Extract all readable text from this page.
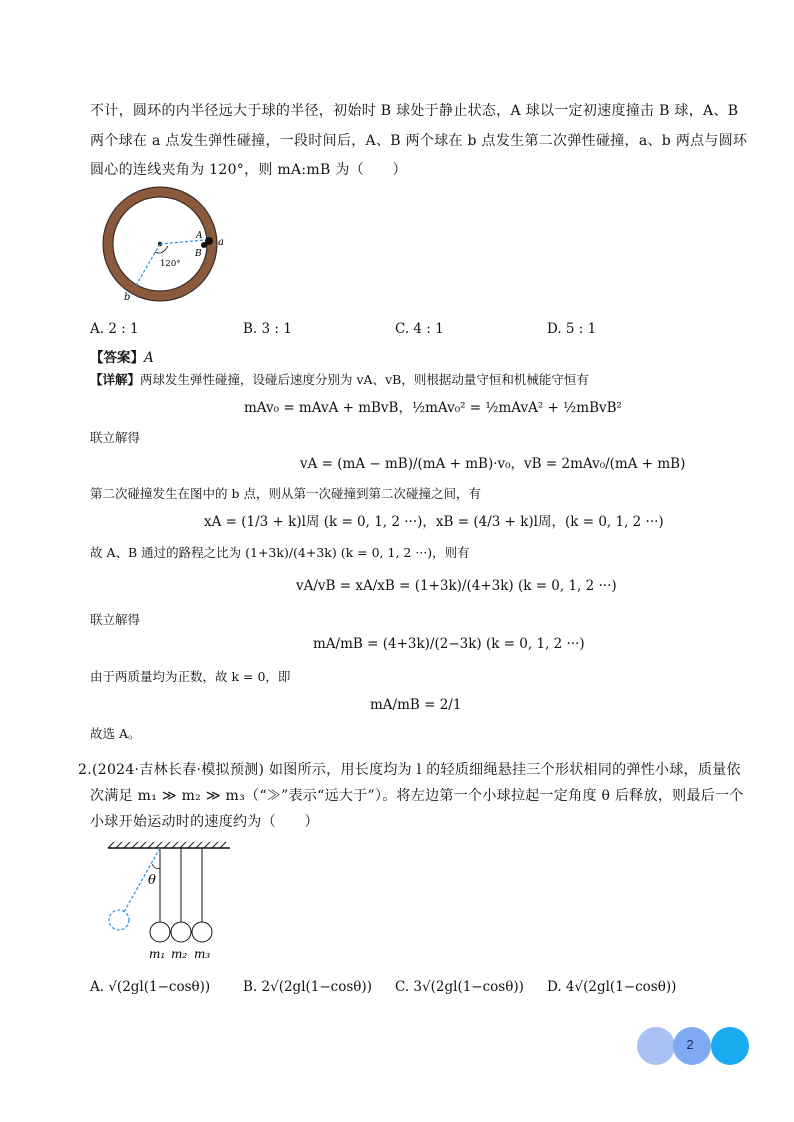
不计，圆环的内半径远大于球的半径，初始时 B 球处于静止状态，A 球以一定初速度撞击 B 球，A、B
两个球在 a 点发生弹性碰撞，一段时间后，A、B 两个球在 b 点发生第二次弹性碰撞，a、b 两点与圆环
圆心的连线夹角为 120°，则 mA:mB 为（　　）
A
B
a
b
120°
A. 2 : 1	B. 3 : 1	C. 4 : 1	D. 5 : 1
【答案】A
【详解】两球发生弹性碰撞，设碰后速度分别为 vA、vB，则根据动量守恒和机械能守恒有
mAv₀ = mAvA + mBvB，½mAv₀² = ½mAvA² + ½mBvB²
联立解得
vA = (mA − mB)/(mA + mB)·v₀，vB = 2mAv₀/(mA + mB)
第二次碰撞发生在图中的 b 点，则从第一次碰撞到第二次碰撞之间，有
xA = (1/3 + k)l周 (k = 0, 1, 2 ···)，xB = (4/3 + k)l周，(k = 0, 1, 2 ···)
故 A、B 通过的路程之比为 (1+3k)/(4+3k) (k = 0, 1, 2 ···)，则有
vA/vB = xA/xB = (1+3k)/(4+3k) (k = 0, 1, 2 ···)
联立解得
mA/mB = (4+3k)/(2−3k) (k = 0, 1, 2 ···)
由于两质量均为正数，故 k = 0，即
mA/mB = 2/1
故选 A。
2.(2024·吉林长春·模拟预测) 如图所示，用长度均为 l 的轻质细绳悬挂三个形状相同的弹性小球，质量依
次满足 m₁ ≫ m₂ ≫ m₃（“≫”表示“远大于”）。将左边第一个小球拉起一定角度 θ 后释放，则最后一个
小球开始运动时的速度约为（　　）
θ
m₁ m₂ m₃
A. √(2gl(1−cosθ)) B. 2√(2gl(1−cosθ)) C. 3√(2gl(1−cosθ)) D. 4√(2gl(1−cosθ))
2
